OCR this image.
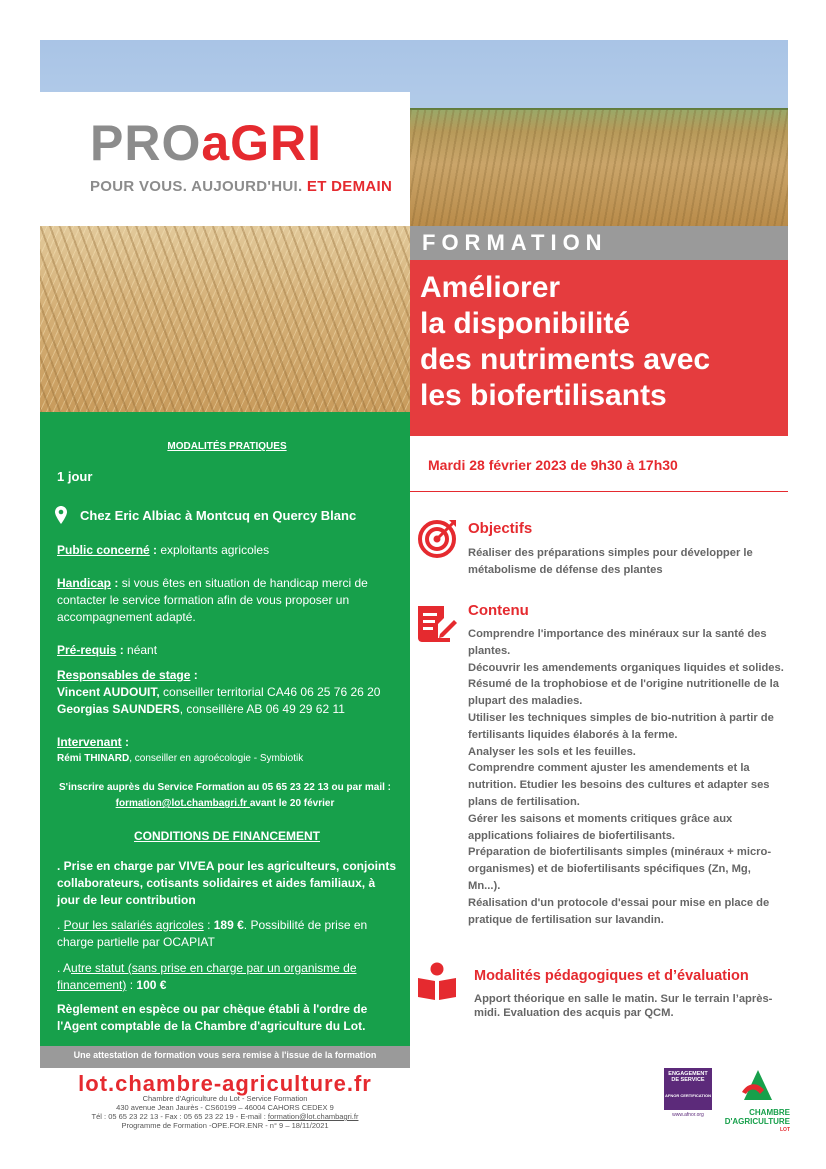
PROaGRI
POUR VOUS. AUJOURD'HUI. ET DEMAIN
FORMATION
Améliorer
la disponibilité
des nutriments avec
les biofertilisants
Mardi 28 février 2023 de 9h30 à 17h30
MODALITÉS PRATIQUES
1 jour
Chez Eric Albiac à Montcuq en Quercy Blanc
Public concerné : exploitants agricoles
Handicap : si vous êtes en situation de handicap merci de contacter le service formation afin de vous proposer un accompagnement adapté.
Pré-requis : néant
Responsables de stage :
Vincent AUDOUIT, conseiller territorial CA46 06 25 76 26 20
Georgias SAUNDERS, conseillère AB 06 49 29 62 11
Intervenant :
Rémi THINARD, conseiller en agroécologie - Symbiotik
S'inscrire auprès du Service Formation au 05 65 23 22 13 ou par mail : formation@lot.chambagri.fr avant le 20 février
CONDITIONS DE FINANCEMENT
. Prise en charge par VIVEA pour les agriculteurs, conjoints collaborateurs, cotisants solidaires et aides familiaux, à jour de leur contribution
. Pour les salariés agricoles : 189 €. Possibilité de prise en charge partielle par OCAPIAT
. Autre statut (sans prise en charge par un organisme de financement) : 100 €
Règlement en espèce ou par chèque établi à l'ordre de l'Agent comptable de la Chambre d'agriculture du Lot.
Une attestation de formation vous sera remise à l'issue de la formation
lot.chambre-agriculture.fr
Chambre d'Agriculture du Lot - Service Formation
430 avenue Jean Jaurès - CS60199 – 46004 CAHORS CEDEX 9
Tél : 05 65 23 22 13 - Fax : 05 65 23 22 19 - E-mail : formation@lot.chambagri.fr
Programme de Formation -OPE.FOR.ENR - n° 9 – 18/11/2021
Objectifs
Réaliser des préparations simples pour développer le métabolisme de défense des plantes
Contenu
Comprendre l'importance des minéraux sur la santé des plantes.
Découvrir les amendements organiques liquides et solides.
Résumé de la trophobiose et de l'origine nutritionelle de la plupart des maladies.
Utiliser les techniques simples de bio-nutrition à partir de fertilisants liquides élaborés à la ferme.
Analyser les sols et les feuilles.
Comprendre comment ajuster les amendements et la nutrition. Etudier les besoins des cultures et adapter ses plans de fertilisation.
Gérer les saisons et moments critiques grâce aux applications foliaires de biofertilisants.
Préparation de biofertilisants simples (minéraux + micro-organismes) et de biofertilisants spécifiques (Zn, Mg, Mn...).
Réalisation d'un protocole d'essai pour mise en place de pratique de fertilisation sur lavandin.
Modalités pédagogiques et d’évaluation
Apport théorique en salle le matin. Sur le terrain l’après-midi. Evaluation des acquis par QCM.
ENGAGEMENT DE SERVICE
AFNOR CERTIFICATION
www.afnor.org	CHAMBRE D'AGRICULTURE
LOT
